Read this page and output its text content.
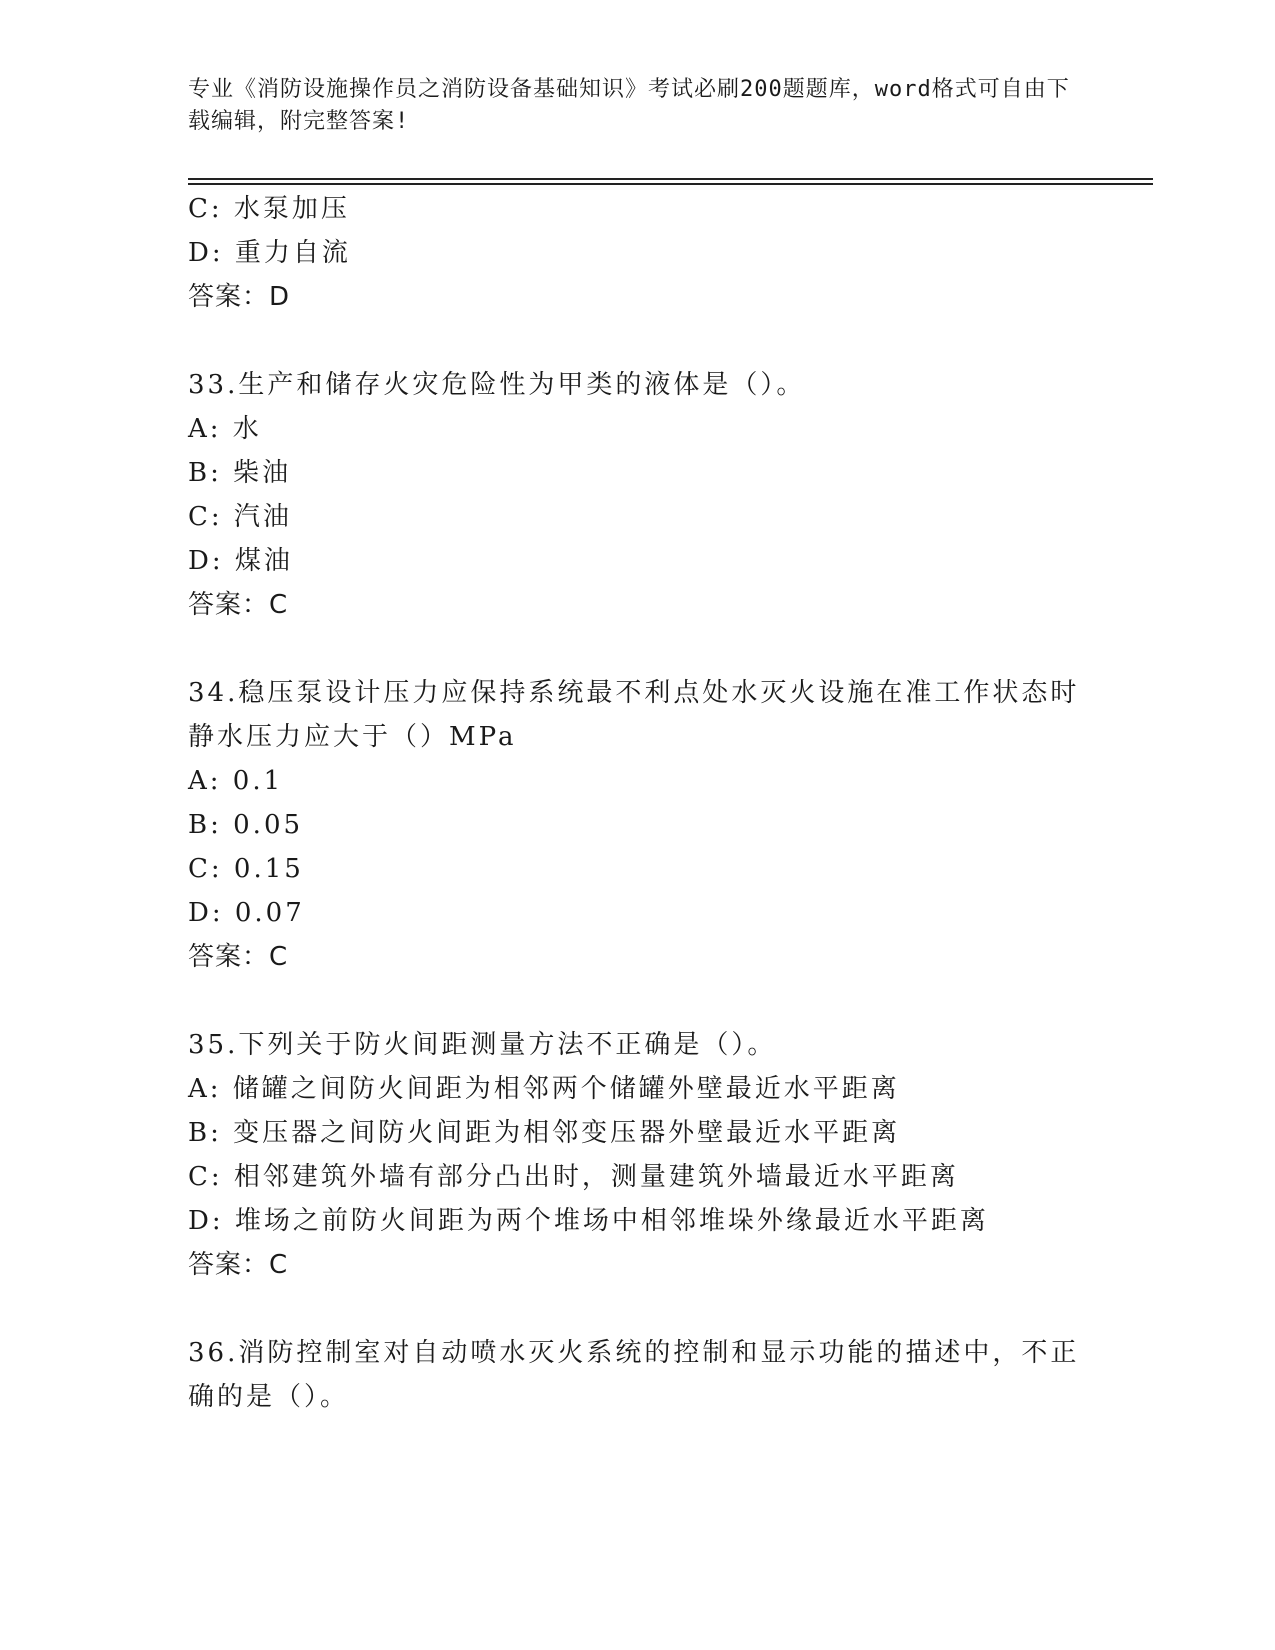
专业《消防设施操作员之消防设备基础知识》考试必刷200题题库，word格式可自由下载编辑，附完整答案!
C: 水泵加压
D: 重力自流
答案：D
33.生产和储存火灾危险性为甲类的液体是（）。
A: 水
B: 柴油
C: 汽油
D: 煤油
答案：C
34.稳压泵设计压力应保持系统最不利点处水灭火设施在准工作状态时
静水压力应大于（）MPa
A: 0.1
B: 0.05
C: 0.15
D: 0.07
答案：C
35.下列关于防火间距测量方法不正确是（）。
A: 储罐之间防火间距为相邻两个储罐外壁最近水平距离
B: 变压器之间防火间距为相邻变压器外壁最近水平距离
C: 相邻建筑外墙有部分凸出时，测量建筑外墙最近水平距离
D: 堆场之前防火间距为两个堆场中相邻堆垛外缘最近水平距离
答案：C
36.消防控制室对自动喷水灭火系统的控制和显示功能的描述中，不正
确的是（）。
